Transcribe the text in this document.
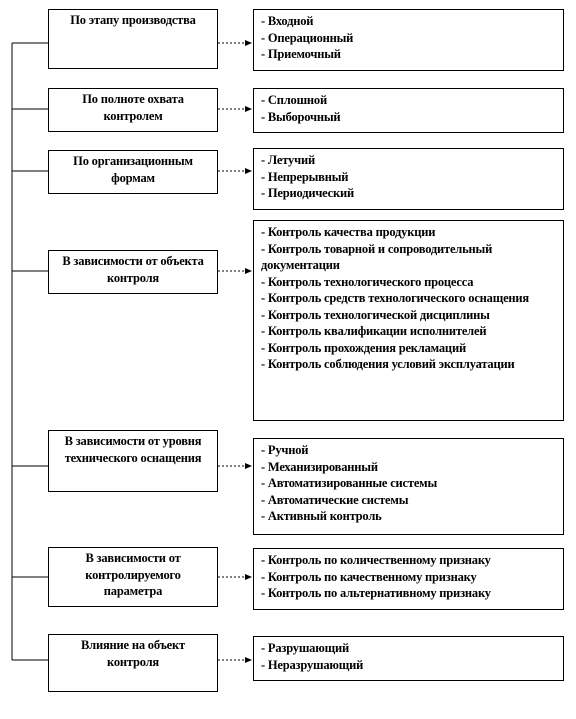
По этапу производства	- Входной
- Операционный
- Приемочный
По полноте охвата контролем
- Сплошной
- Выборочный
По организационным формам
- Летучий
- Непрерывный
- Периодический
В зависимости от объекта контроля
- Контроль качества продукции
- Контроль товарной и сопроводительный документации
- Контроль технологического процесса
- Контроль средств технологического оснащения
- Контроль технологической дисциплины
- Контроль квалификации исполнителей
- Контроль прохождения рекламаций
- Контроль соблюдения условий эксплуатации
В зависимости от уровня технического оснащения
- Ручной
- Механизированный
- Автоматизированные системы
- Автоматические системы
- Активный контроль
В зависимости от контролируемого параметра
- Контроль по количественному признаку
- Контроль по качественному признаку
- Контроль по альтернативному признаку
Влияние на объект контроля
- Разрушающий
- Неразрушающий
